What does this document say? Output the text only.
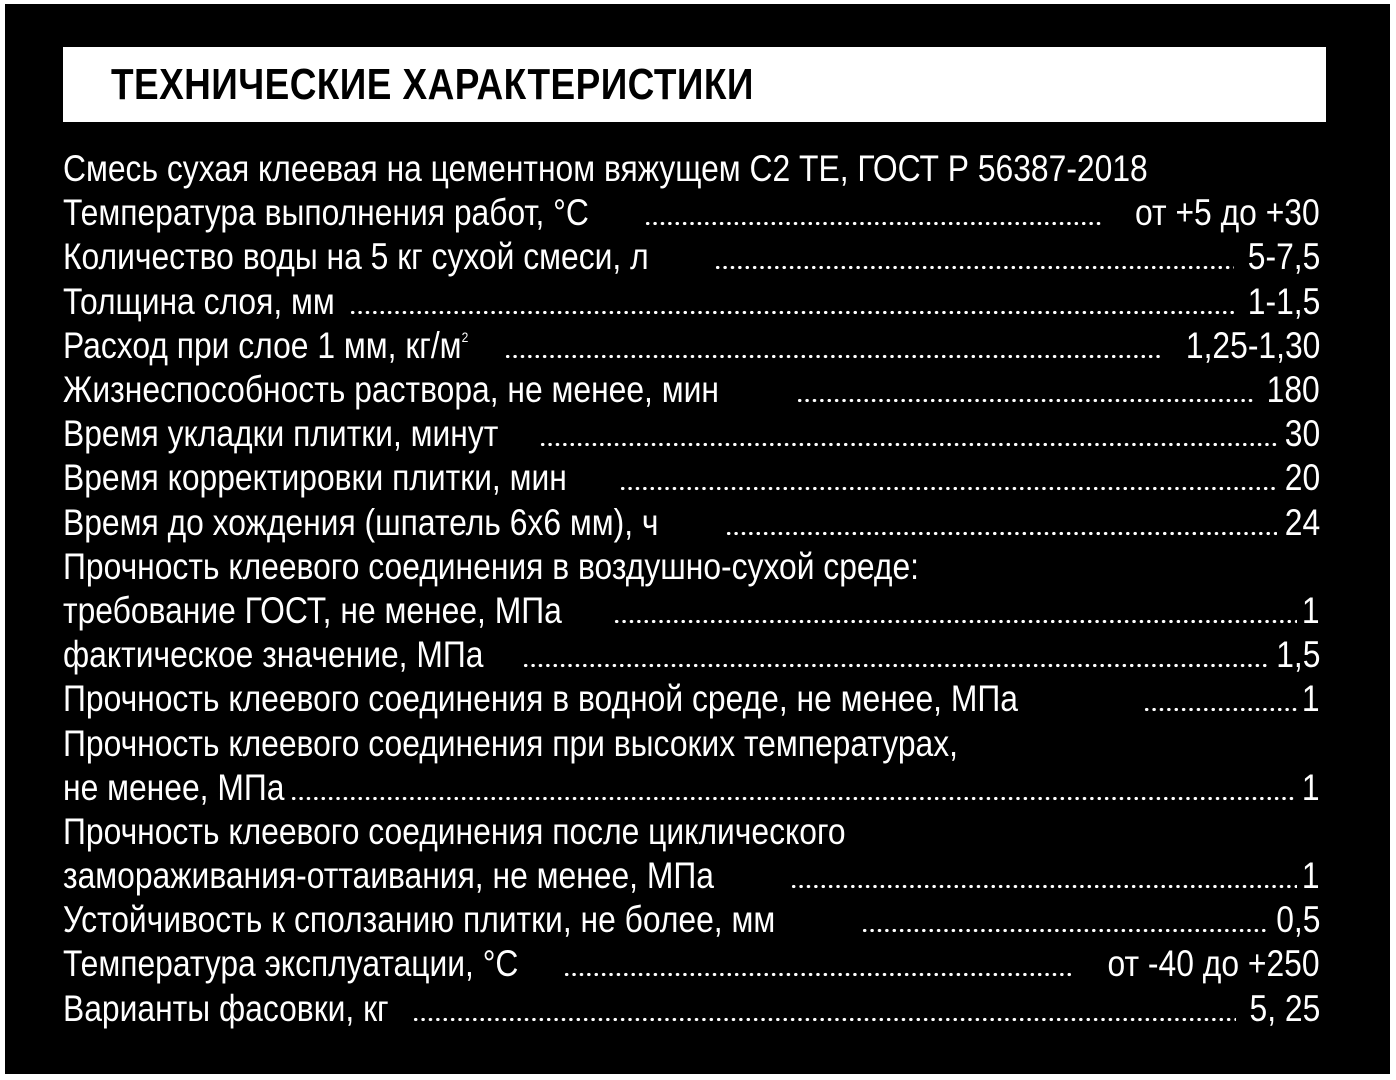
ТЕХНИЧЕСКИЕ ХАРАКТЕРИСТИКИ
Смесь сухая клеевая на цементном вяжущем С2 ТЕ, ГОСТ Р 56387-2018
Температура выполнения работ, °С	от +5 до +30
Количество воды на 5 кг сухой смеси, л	5-7,5
Толщина слоя, мм	1-1,5
Расход при слое 1 мм, $кг/м^2$	1,25-1,30
Жизнеспособность раствора, не менее, мин	180
Время укладки плитки, минут	30
Время корректировки плитки, мин	20
Время до хождения (шпатель 6х6 мм), ч	24
Прочность клеевого соединения в воздушно-сухой среде:
требование ГОСТ, не менее, МПа	1
фактическое значение, МПа	1,5
Прочность клеевого соединения в водной среде, не менее, МПа	1
Прочность клеевого соединения при высоких температурах,
не менее, МПа	1
Прочность клеевого соединения после циклического
замораживания-оттаивания, не менее, МПа	1
Устойчивость к сползанию плитки, не более, мм	0,5
Температура эксплуатации, °С	от -40 до +250
Варианты фасовки, кг	5, 25
